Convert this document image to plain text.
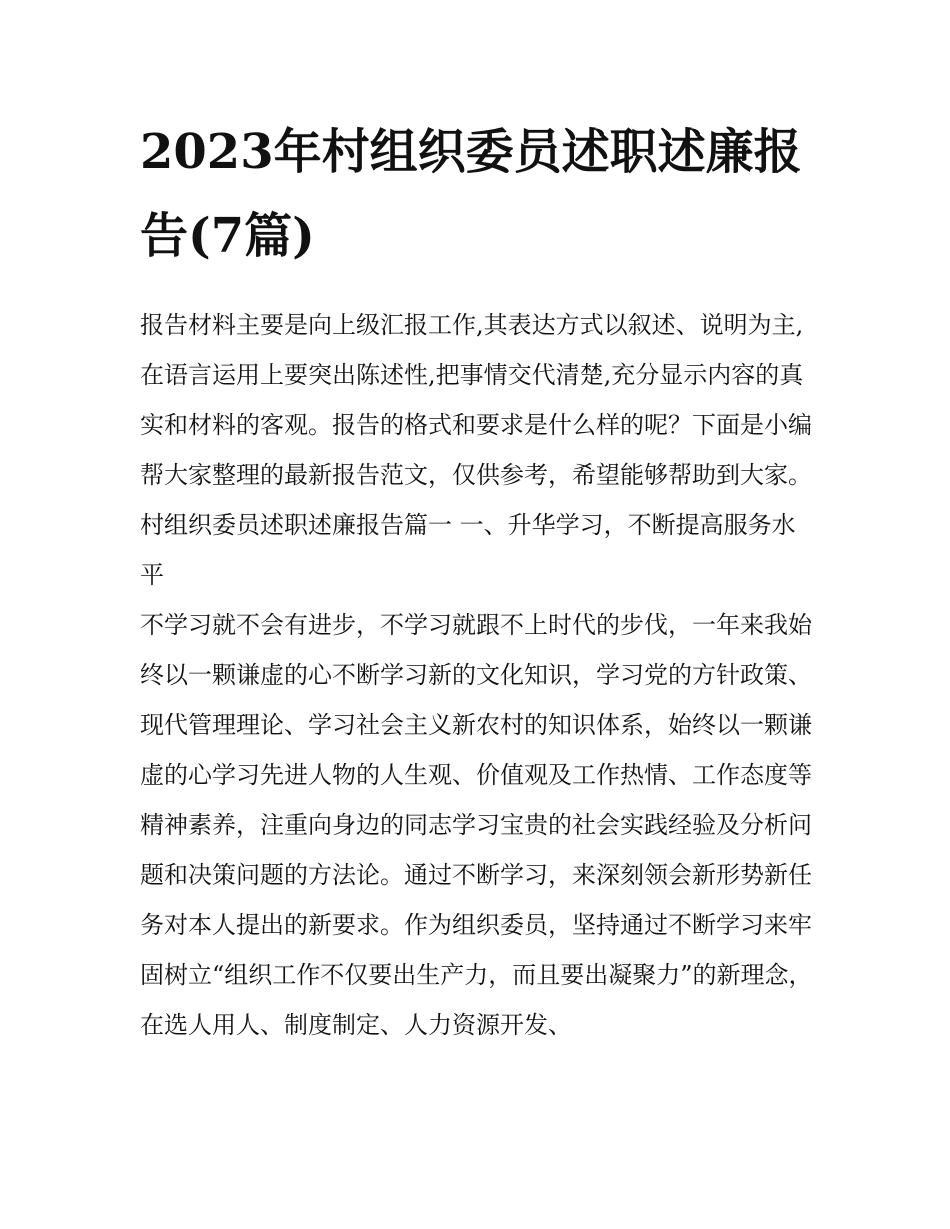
2023年村组织委员述职述廉报告(7篇)

报告材料主要是向上级汇报工作,其表达方式以叙述、说明为主,在语言运用上要突出陈述性,把事情交代清楚,充分显示内容的真实和材料的客观。报告的格式和要求是什么样的呢？下面是小编帮大家整理的最新报告范文，仅供参考，希望能够帮助到大家。

村组织委员述职述廉报告篇一 一、升华学习，不断提高服务水平

不学习就不会有进步，不学习就跟不上时代的步伐，一年来我始终以一颗谦虚的心不断学习新的文化知识，学习党的方针政策、现代管理理论、学习社会主义新农村的知识体系，始终以一颗谦虚的心学习先进人物的人生观、价值观及工作热情、工作态度等精神素养，注重向身边的同志学习宝贵的社会实践经验及分析问题和决策问题的方法论。通过不断学习，来深刻领会新形势新任务对本人提出的新要求。作为组织委员，坚持通过不断学习来牢固树立“组织工作不仅要出生产力，而且要出凝聚力”的新理念，在选人用人、制度制定、人力资源开发、
